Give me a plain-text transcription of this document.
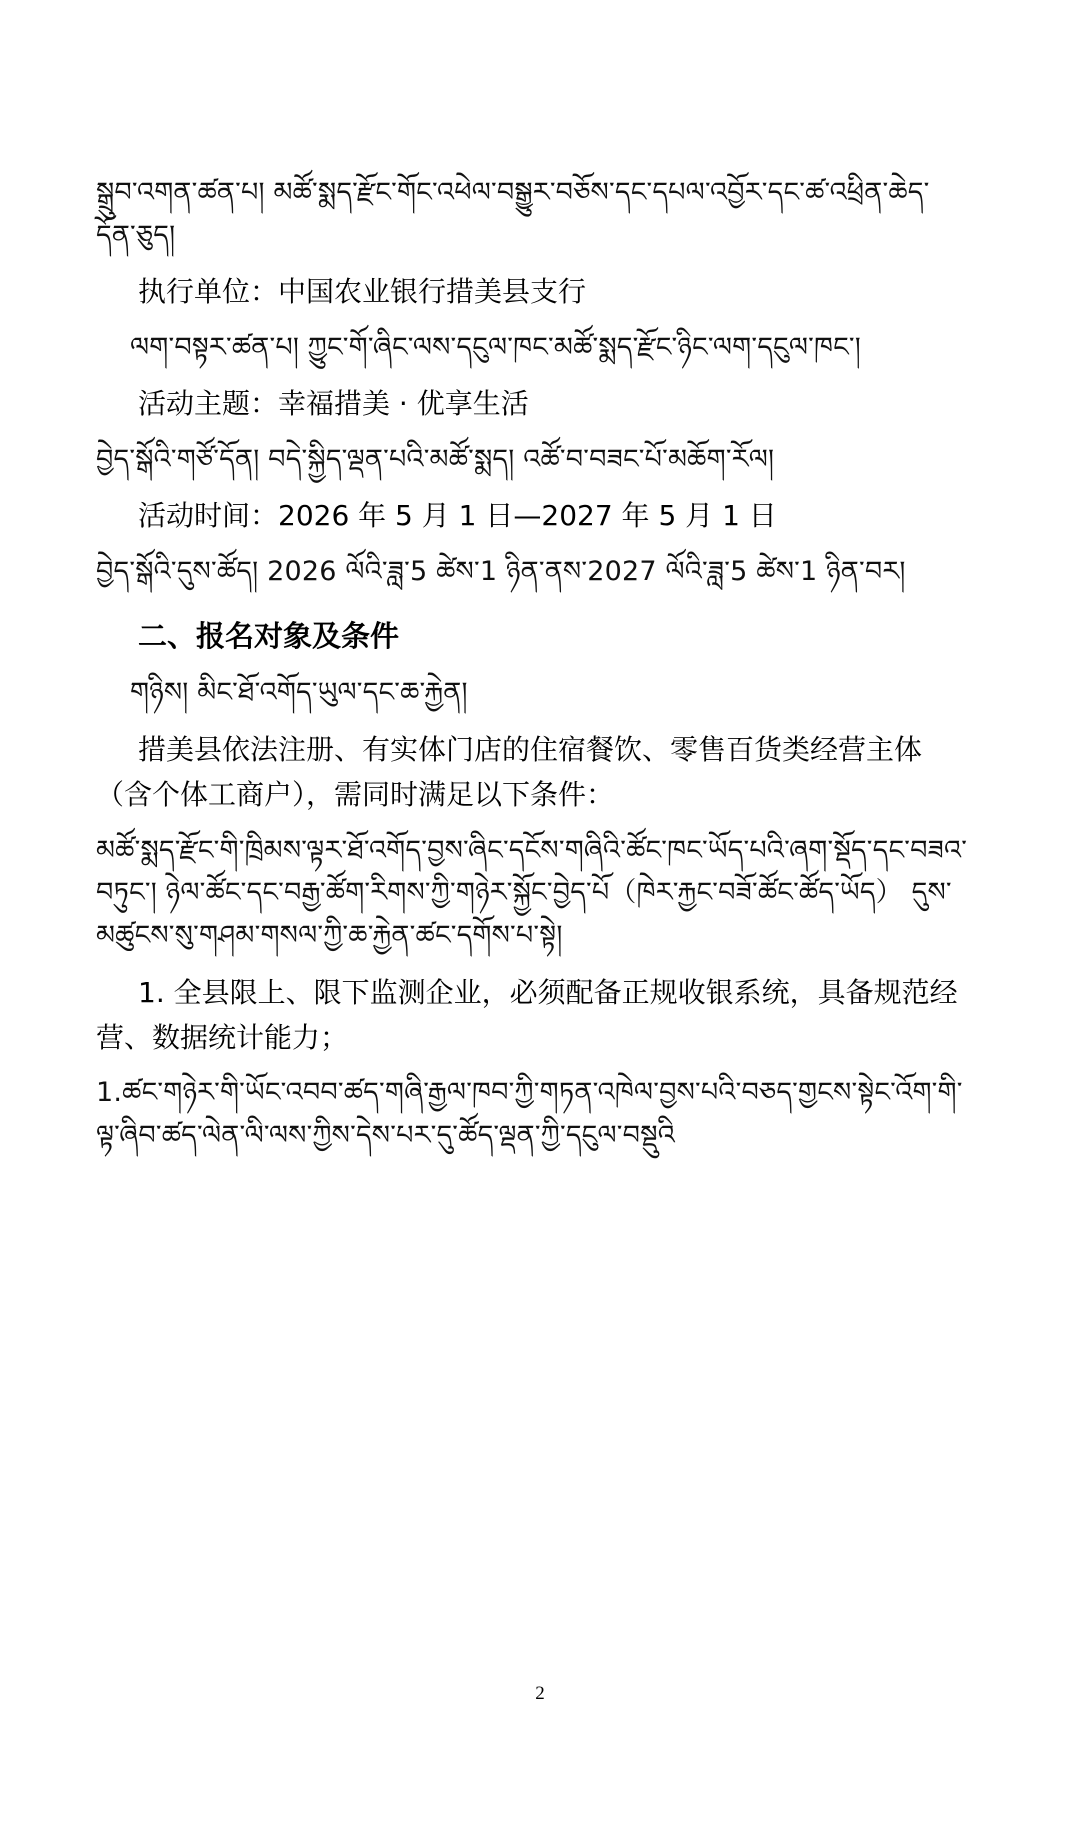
སྒྲུབ་འགན་ཚན་པ། མཚོ་སྨད་རྫོང་གོང་འཕེལ་བསྒྱུར་བཅོས་དང་དཔལ་འབྱོར་དང་ཚ་འཕྲིན་ཆེད་དོན་ཅུད།

执行单位：中国农业银行措美县支行

ལག་བསྟར་ཚན་པ། ཀྱུང་གོ་ཞིང་ལས་དངུལ་ཁང་མཚོ་སྨད་རྫོང་ཉིང་ལག་དངུལ་ཁང་།

活动主题：幸福措美 · 优享生活

བྱེད་སྒོའི་གཙོ་དོན། བདེ་སྐྱིད་ལྡན་པའི་མཚོ་སྨད། འཚོ་བ་བཟང་པོ་མཆོག་རོལ།

活动时间：2026 年 5 月 1 日—2027 年 5 月 1 日

བྱེད་སྒོའི་དུས་ཚོད། 2026 ལོའི་ཟླ་5 ཚེས་1 ཉིན་ནས་2027 ལོའི་ཟླ་5 ཚེས་1 ཉིན་བར།

二、报名对象及条件

གཉིས། མིང་ཐོ་འགོད་ཡུལ་དང་ཆ་རྐྱེན།

措美县依法注册、有实体门店的住宿餐饮、零售百货类经营主体（含个体工商户），需同时满足以下条件：

མཚོ་སྨད་རྫོང་གི་ཁྲིམས་ལྟར་ཐོ་འགོད་བྱས་ཞིང་དངོས་གཞིའི་ཚོང་ཁང་ཡོད་པའི་ཞག་སྡོད་དང་བཟའ་བཏུང་། ཉེལ་ཚོང་དང་བརྒྱ་ཚོག་རིགས་ཀྱི་གཉེར་སྐྱོང་བྱེད་པོ（ཁེར་རྐྱང་བཟོ་ཚོང་ཚོད་ཡོད） དུས་མཚུངས་སུ་གཤམ་གསལ་ཀྱི་ཆ་རྐྱེན་ཚང་དགོས་པ་སྟེ།

1. 全县限上、限下监测企业，必须配备正规收银系统，具备规范经营、数据统计能力；

1.ཚང་གཉེར་གི་ཡོང་འབབ་ཚད་གཞི་རྒྱལ་ཁབ་ཀྱི་གཏན་འཁེལ་བྱས་པའི་བཅད་གྱངས་སྟེང་འོག་གི་ལྟ་ཞིབ་ཚད་ལེན་ལི་ལས་ཀྱིས་དེས་པར་དུ་ཚོད་ལྡན་ཀྱི་དངུལ་བསྡུའི

2
